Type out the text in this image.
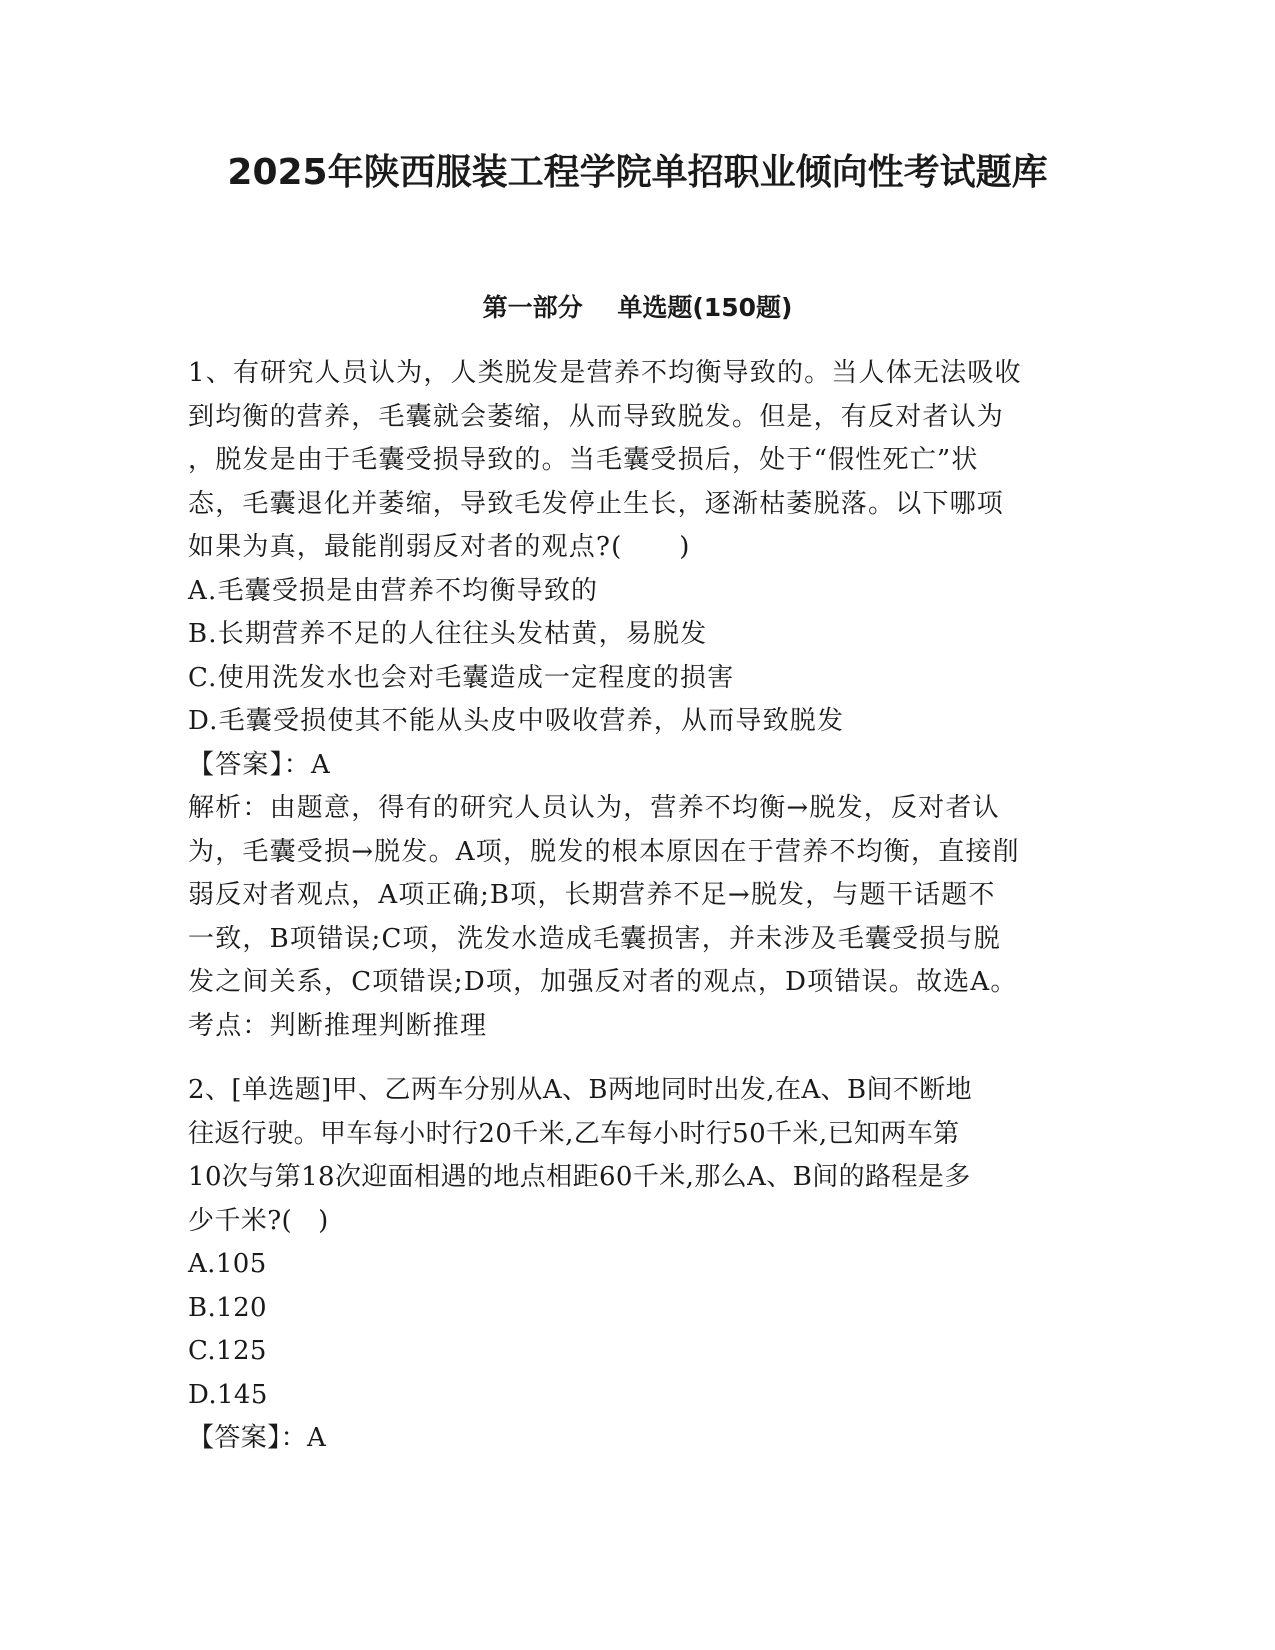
2025年陕西服装工程学院单招职业倾向性考试题库
第一部分    单选题(150题)
1、有研究人员认为，人类脱发是营养不均衡导致的。当人体无法吸收
到均衡的营养，毛囊就会萎缩，从而导致脱发。但是，有反对者认为
，脱发是由于毛囊受损导致的。当毛囊受损后，处于“假性死亡”状
态，毛囊退化并萎缩，导致毛发停止生长，逐渐枯萎脱落。以下哪项
如果为真，最能削弱反对者的观点?(      )
A.毛囊受损是由营养不均衡导致的
B.长期营养不足的人往往头发枯黄，易脱发
C.使用洗发水也会对毛囊造成一定程度的损害
D.毛囊受损使其不能从头皮中吸收营养，从而导致脱发
【答案】：A
解析：由题意，得有的研究人员认为，营养不均衡→脱发，反对者认
为，毛囊受损→脱发。A项，脱发的根本原因在于营养不均衡，直接削
弱反对者观点，A项正确;B项，长期营养不足→脱发，与题干话题不
一致，B项错误;C项，洗发水造成毛囊损害，并未涉及毛囊受损与脱
发之间关系，C项错误;D项，加强反对者的观点，D项错误。故选A。
考点：判断推理判断推理
2、[单选题]甲、乙两车分别从A、B两地同时出发,在A、B间不断地
往返行驶。甲车每小时行20千米,乙车每小时行50千米,已知两车第
10次与第18次迎面相遇的地点相距60千米,那么A、B间的路程是多
少千米?(   )
A.105
B.120
C.125
D.145
【答案】：A
